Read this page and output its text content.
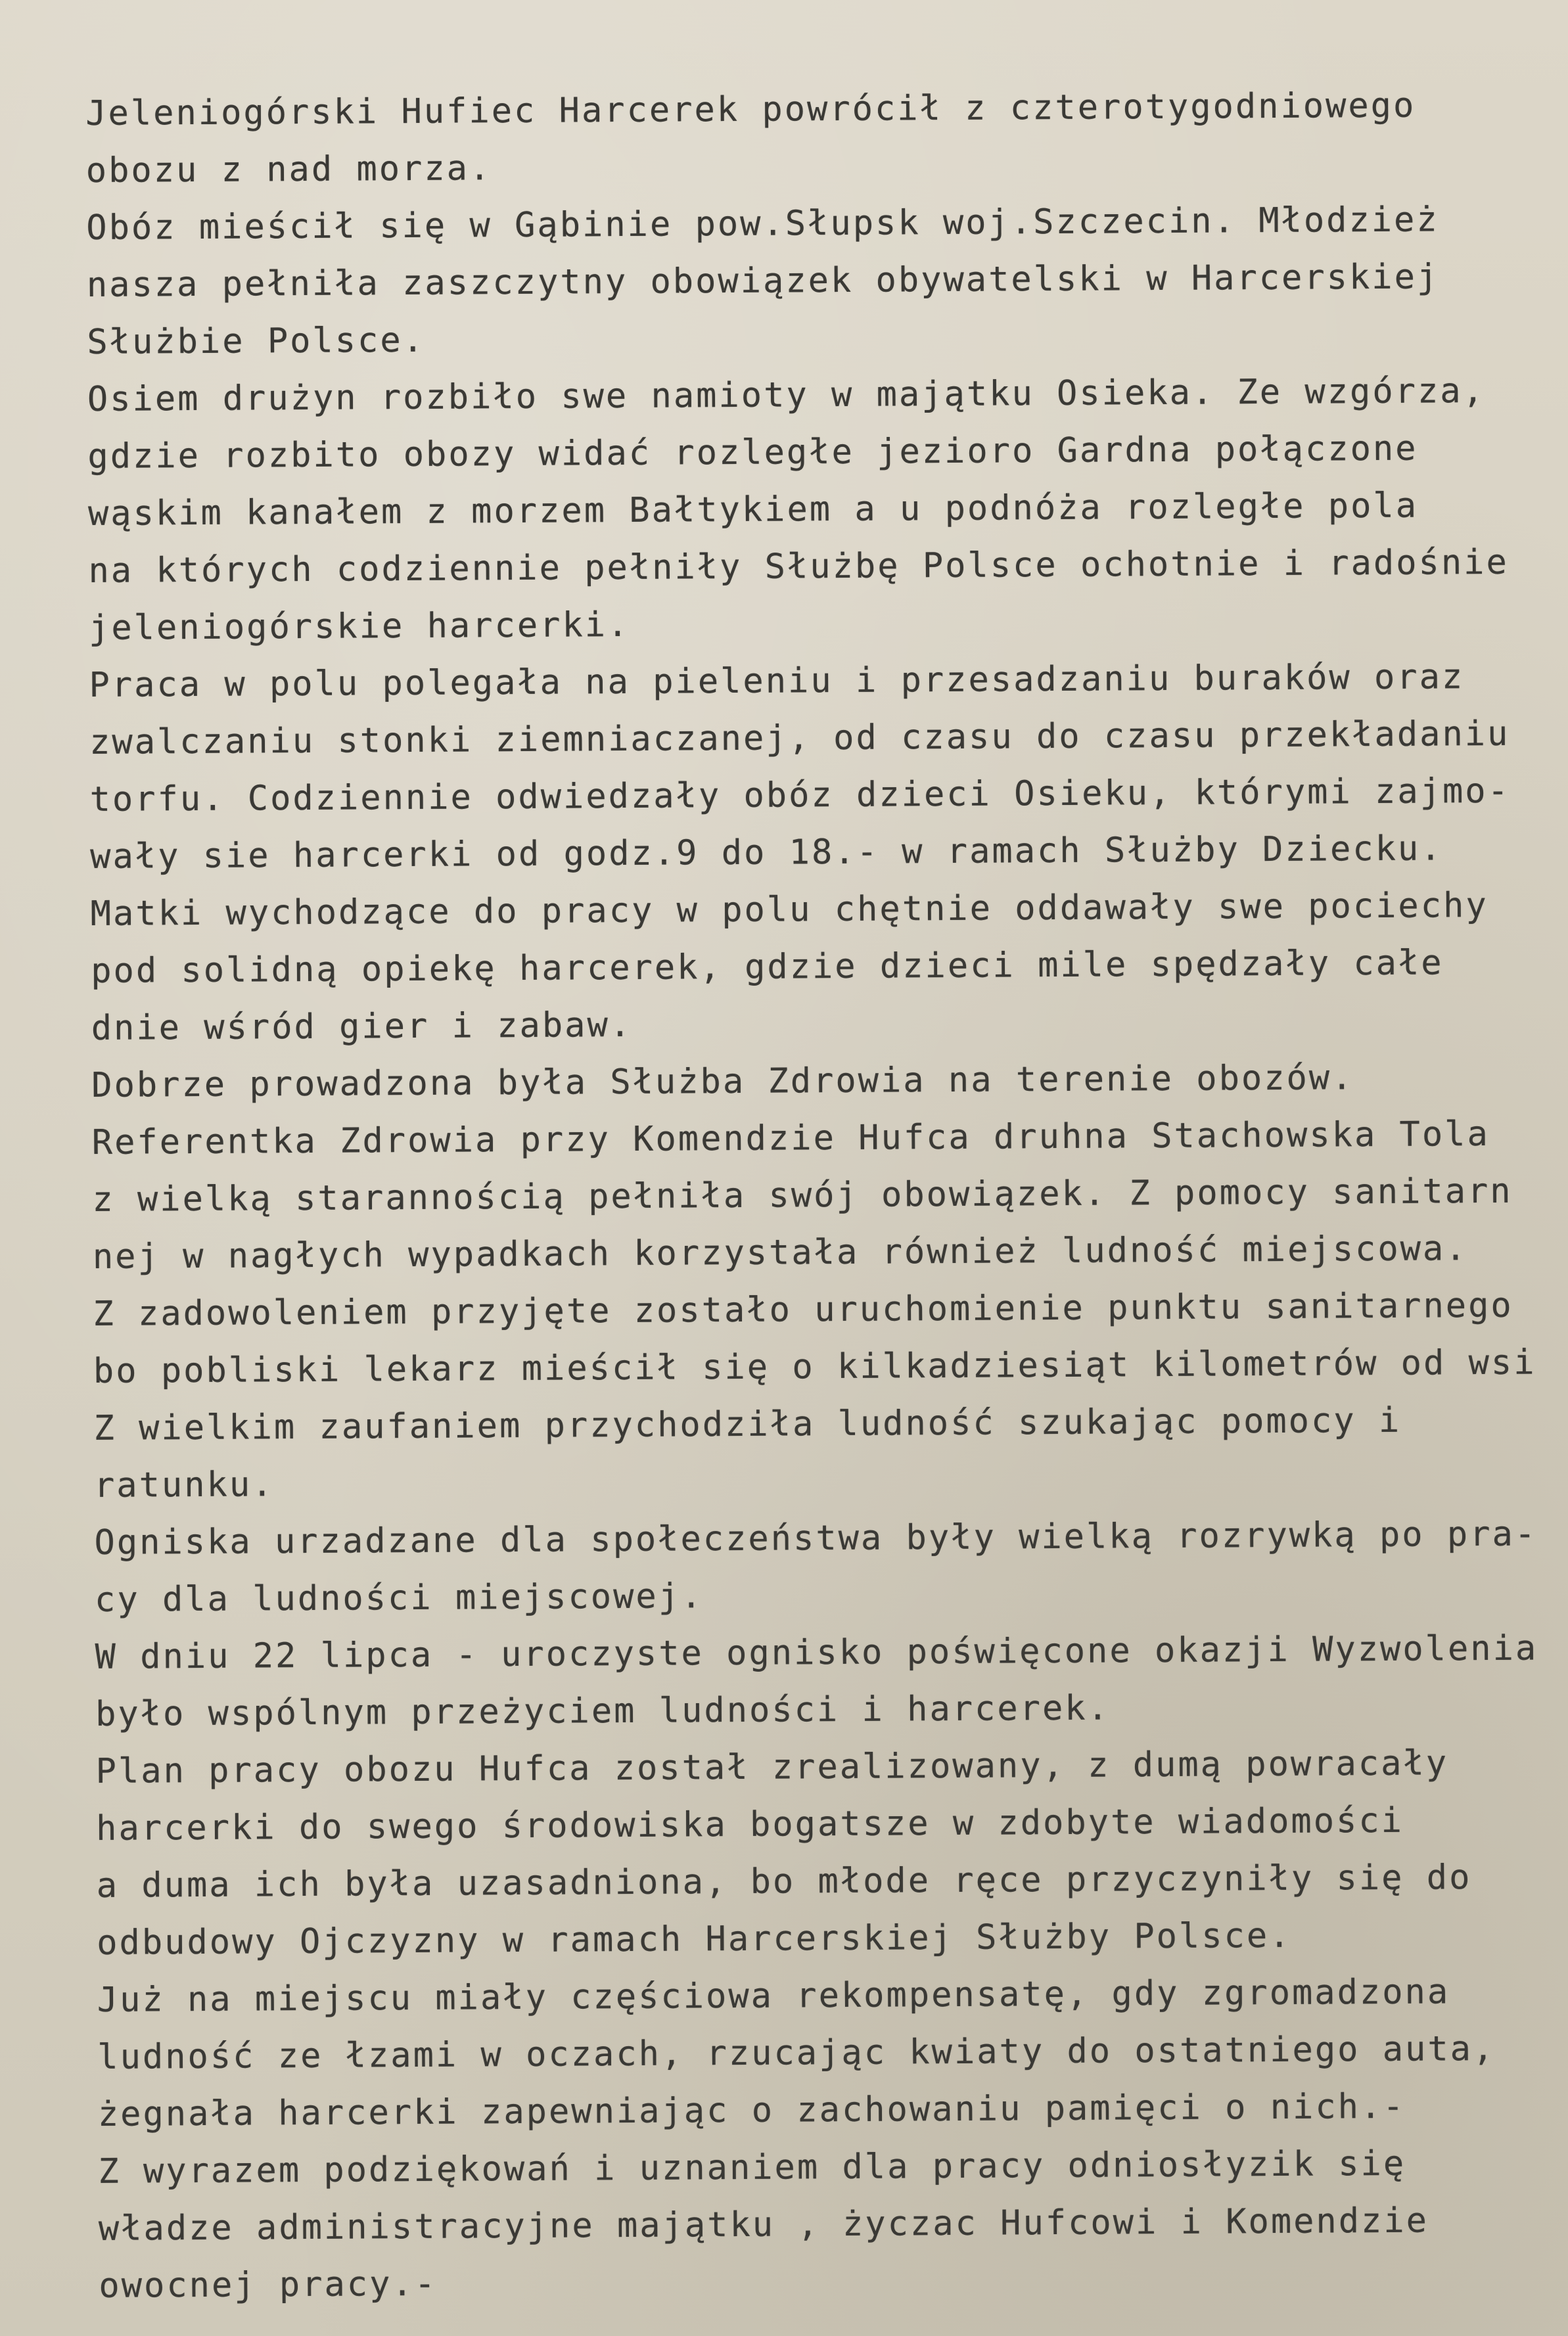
Jeleniogórski Hufiec Harcerek powrócił z czterotygodniowego
obozu z nad morza.
Obóz mieścił się w Gąbinie pow.Słupsk woj.Szczecin. Młodzież
nasza pełniła zaszczytny obowiązek obywatelski w Harcerskiej
Służbie Polsce.
Osiem drużyn rozbiło swe namioty w majątku Osieka. Ze wzgórza,
gdzie rozbito obozy widać rozległe jezioro Gardna połączone
wąskim kanałem z morzem Bałtykiem a u podnóża rozległe pola
na których codziennie pełniły Służbę Polsce ochotnie i radośnie
jeleniogórskie harcerki.
Praca w polu polegała na pieleniu i przesadzaniu buraków oraz
zwalczaniu stonki ziemniaczanej, od czasu do czasu przekładaniu
torfu. Codziennie odwiedzały obóz dzieci Osieku, którymi zajmo-
wały sie harcerki od godz.9 do 18.- w ramach Służby Dziecku.
Matki wychodzące do pracy w polu chętnie oddawały swe pociechy
pod solidną opiekę harcerek, gdzie dzieci mile spędzały całe
dnie wśród gier i zabaw.
Dobrze prowadzona była Służba Zdrowia na terenie obozów.
Referentka Zdrowia przy Komendzie Hufca druhna Stachowska Tola
z wielką starannością pełniła swój obowiązek. Z pomocy sanitarn
nej w nagłych wypadkach korzystała również ludność miejscowa.
Z zadowoleniem przyjęte zostało uruchomienie punktu sanitarnego
bo pobliski lekarz mieścił się o kilkadziesiąt kilometrów od wsi
Z wielkim zaufaniem przychodziła ludność szukając pomocy i
ratunku.
Ogniska urzadzane dla społeczeństwa były wielką rozrywką po pra-
cy dla ludności miejscowej.
W dniu 22 lipca - uroczyste ognisko poświęcone okazji Wyzwolenia
było wspólnym przeżyciem ludności i harcerek.
Plan pracy obozu Hufca został zrealizowany, z dumą powracały
harcerki do swego środowiska bogatsze w zdobyte wiadomości
a duma ich była uzasadniona, bo młode ręce przyczyniły się do
odbudowy Ojczyzny w ramach Harcerskiej Służby Polsce.
Już na miejscu miały częściowa rekompensatę, gdy zgromadzona
ludność ze łzami w oczach, rzucając kwiaty do ostatniego auta,
żegnała harcerki zapewniając o zachowaniu pamięci o nich.-
Z wyrazem podziękowań i uznaniem dla pracy odniosłyzik się
władze administracyjne majątku , życzac Hufcowi i Komendzie
owocnej pracy.-
